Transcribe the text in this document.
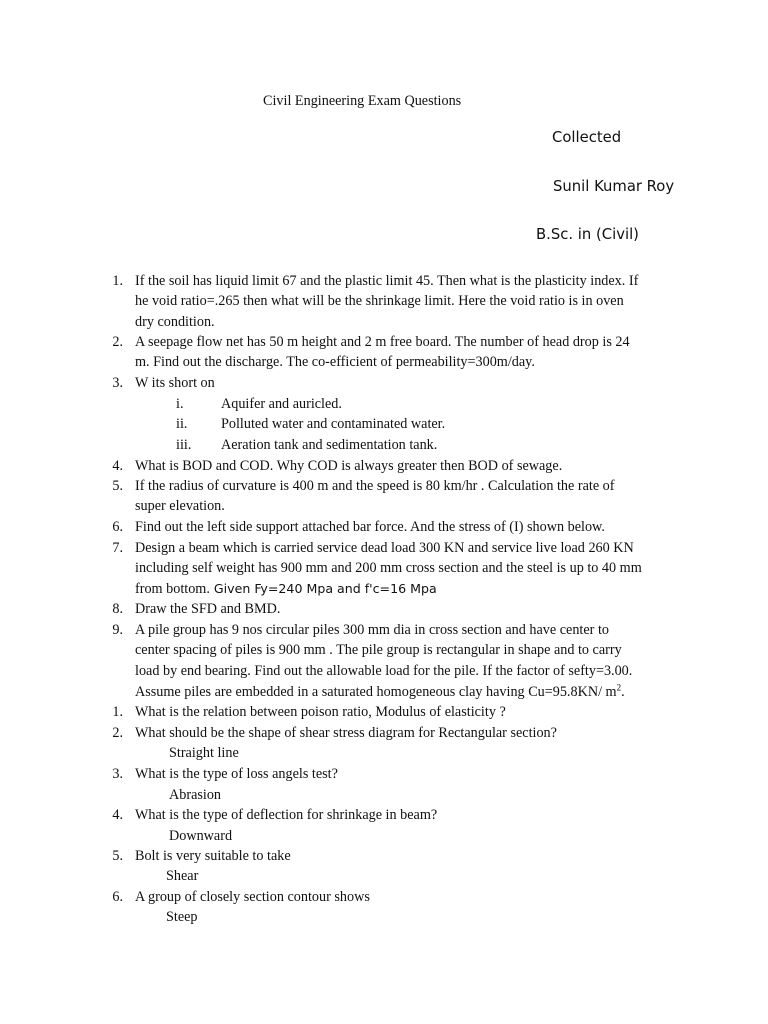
Civil Engineering Exam Questions
Collected
Sunil Kumar Roy
B.Sc. in (Civil)
1. If the soil has liquid limit 67 and the plastic limit 45. Then what is the plasticity index. If
he void ratio=.265 then what will be the shrinkage limit. Here the void ratio is in oven
dry condition.
2. A seepage flow net has 50 m height and 2 m free board. The number of head drop is 24
m. Find out the discharge. The co-efficient of permeability=300m/day.
3. W its short on
i.	Aquifer and auricled.
ii. Polluted water and contaminated water.
iii. Aeration tank and sedimentation tank.
4. What is BOD and COD. Why COD is always greater then BOD of sewage.
5. If the radius of curvature is 400 m and the speed is 80 km/hr . Calculation the rate of
super elevation.
6. Find out the left side support attached bar force. And the stress of (I) shown below.
7. Design a beam which is carried service dead load 300 KN and service live load 260 KN
including self weight has 900 mm and 200 mm cross section and the steel is up to 40 mm
from bottom. Given Fy=240 Mpa and f'c=16 Mpa
8. Draw the SFD and BMD.
9. A pile group has 9 nos circular piles 300 mm dia in cross section and have center to
center spacing of piles is 900 mm . The pile group is rectangular in shape and to carry
load by end bearing. Find out the allowable load for the pile. If the factor of sefty=3.00.
Assume piles are embedded in a saturated homogeneous clay having Cu=95.8KN/ $m^2$.
1. What is the relation between poison ratio, Modulus of elasticity ?
2. What should be the shape of shear stress diagram for Rectangular section?
Straight line
3. What is the type of loss angels test?
Abrasion
4. What is the type of deflection for shrinkage in beam?
Downward
5. Bolt is very suitable to take
Shear
6. A group of closely section contour shows
Steep
